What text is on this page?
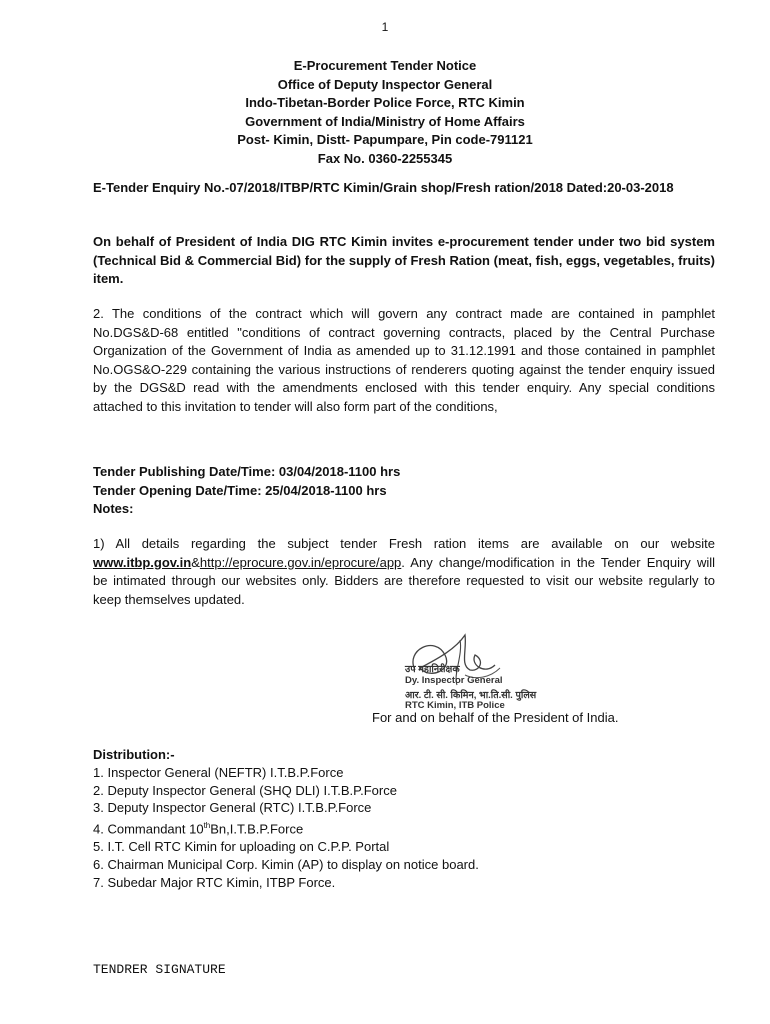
1
E-Procurement Tender Notice
Office of Deputy Inspector General
Indo-Tibetan-Border Police Force, RTC Kimin
Government of India/Ministry of Home Affairs
Post- Kimin, Distt- Papumpare, Pin code-791121
Fax No. 0360-2255345
E-Tender Enquiry No.-07/2018/ITBP/RTC Kimin/Grain shop/Fresh ration/2018 Dated:20-03-2018
On behalf of President of India DIG RTC Kimin invites e-procurement tender under two bid system (Technical Bid & Commercial Bid) for the supply of Fresh Ration (meat, fish, eggs, vegetables, fruits) item.
2. The conditions of the contract which will govern any contract made are contained in pamphlet No.DGS&D-68 entitled "conditions of contract governing contracts, placed by the Central Purchase Organization of the Government of India as amended up to 31.12.1991 and those contained in pamphlet No.OGS&O-229 containing the various instructions of renderers quoting against the tender enquiry issued by the DGS&D read with the amendments enclosed with this tender enquiry. Any special conditions attached to this invitation to tender will also form part of the conditions,
Tender Publishing Date/Time: 03/04/2018-1100 hrs
Tender Opening Date/Time: 25/04/2018-1100 hrs
Notes:
1) All details regarding the subject tender Fresh ration items are available on our website www.itbp.gov.in&http://eprocure.gov.in/eprocure/app. Any change/modification in the Tender Enquiry will be intimated through our websites only. Bidders are therefore requested to visit our website regularly to keep themselves updated.
उप महानिरीक्षक
Dy. Inspector General
आर. टी. सी. किमिन, भा.ति.सी. पुलिस
RTC Kimin, ITB Police
For and on behalf of the President of India.
Distribution:-
1. Inspector General (NEFTR) I.T.B.P.Force
2. Deputy Inspector General (SHQ DLI) I.T.B.P.Force
3. Deputy Inspector General (RTC) I.T.B.P.Force
4. Commandant 10thBn,I.T.B.P.Force
5. I.T. Cell RTC Kimin for uploading on C.P.P. Portal
6. Chairman Municipal Corp. Kimin (AP) to display on notice board.
7. Subedar Major RTC Kimin, ITBP Force.
TENDRER SIGNATURE
